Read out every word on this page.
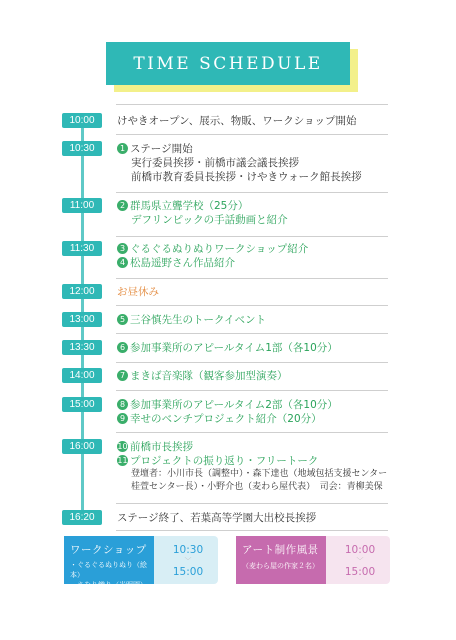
TIME SCHEDULE
10:00	けやきオープン、展示、物販、ワークショップ開始
10:30	1 ステージ開始
実行委員挨拶・前橋市議会議長挨拶
前橋市教育委員長挨拶・けやきウォーク館長挨拶
11:00	2 群馬県立聾学校（25分）
デフリンピックの手話動画と紹介
11:30	3 ぐるぐるぬりぬりワークショップ紹介
4 松島遥野さん作品紹介
12:00	お昼休み
13:00	5 三谷慎先生のトークイベント
13:30	6 参加事業所のアピールタイム1部（各10分）
14:00	7 まきば音楽隊（観客参加型演奏）
15:00	8 参加事業所のアピールタイム2部（各10分）
9 幸せのベンチプロジェクト紹介（20分）
16:00	10 前橋市長挨拶
11 プロジェクトの振り返り・フリートーク
登壇者：小川市長（調整中）・森下達也（地域包括支援センター
桂萱センター長）・小野介也（麦わら屋代表）　司会：青柳美保
16:20	ステージ終了、若葉高等学園大出校長挨拶
ワークショップ
・ぐるぐるぬりぬり（絵本）
・さをり織り（光明園）
10:30
﹀
15:00
アート制作風景
（麦わら屋の作家２名）
10:00
﹀
15:00
